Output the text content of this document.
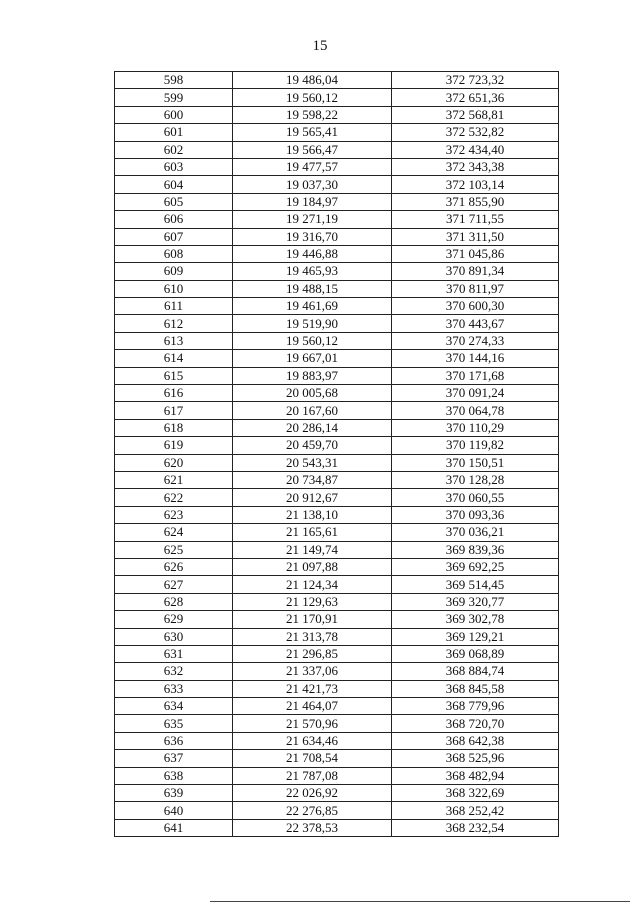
15
598	19 486,04	372 723,32
599	19 560,12	372 651,36
600	19 598,22	372 568,81
601	19 565,41	372 532,82
602	19 566,47	372 434,40
603	19 477,57	372 343,38
604	19 037,30	372 103,14
605	19 184,97	371 855,90
606	19 271,19	371 711,55
607	19 316,70	371 311,50
608	19 446,88	371 045,86
609	19 465,93	370 891,34
610	19 488,15	370 811,97
611	19 461,69	370 600,30
612	19 519,90	370 443,67
613	19 560,12	370 274,33
614	19 667,01	370 144,16
615	19 883,97	370 171,68
616	20 005,68	370 091,24
617	20 167,60	370 064,78
618	20 286,14	370 110,29
619	20 459,70	370 119,82
620	20 543,31	370 150,51
621	20 734,87	370 128,28
622	20 912,67	370 060,55
623	21 138,10	370 093,36
624	21 165,61	370 036,21
625	21 149,74	369 839,36
626	21 097,88	369 692,25
627	21 124,34	369 514,45
628	21 129,63	369 320,77
629	21 170,91	369 302,78
630	21 313,78	369 129,21
631	21 296,85	369 068,89
632	21 337,06	368 884,74
633	21 421,73	368 845,58
634	21 464,07	368 779,96
635	21 570,96	368 720,70
636	21 634,46	368 642,38
637	21 708,54	368 525,96
638	21 787,08	368 482,94
639	22 026,92	368 322,69
640	22 276,85	368 252,42
641	22 378,53	368 232,54
